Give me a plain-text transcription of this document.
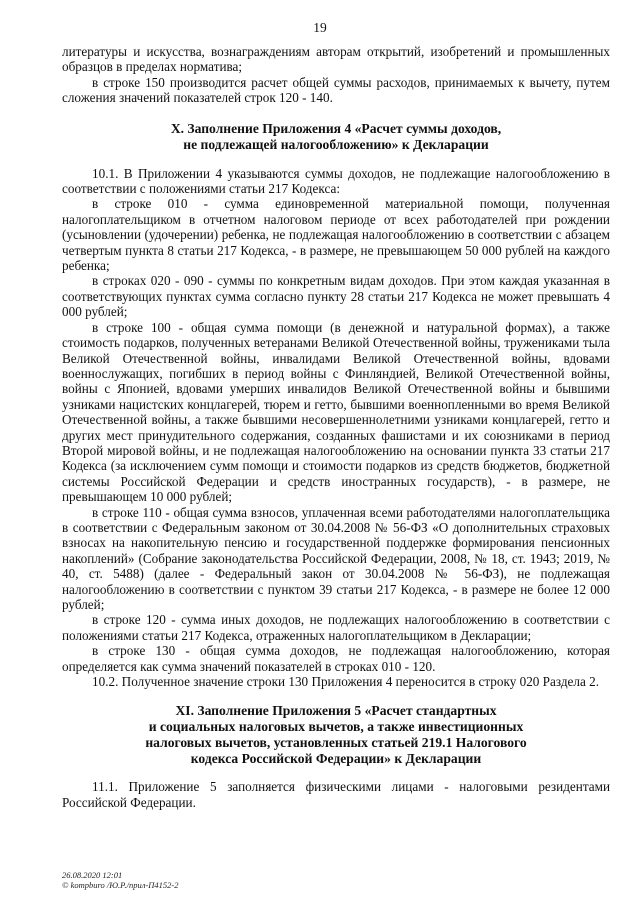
19

литературы и искусства, вознаграждениям авторам открытий, изобретений и промышленных образцов в пределах норматива;

в строке 150 производится расчет общей суммы расходов, принимаемых к вычету, путем сложения значений показателей строк 120 - 140.

X. Заполнение Приложения 4 «Расчет суммы доходов,
не подлежащей налогообложению» к Декларации

10.1. В Приложении 4 указываются суммы доходов, не подлежащие налогообложению в соответствии с положениями статьи 217 Кодекса:

в строке 010 - сумма единовременной материальной помощи, полученная налогоплательщиком в отчетном налоговом периоде от всех работодателей при рождении (усыновлении (удочерении) ребенка, не подлежащая налогообложению в соответствии с абзацем четвертым пункта 8 статьи 217 Кодекса, - в размере, не превышающем 50 000 рублей на каждого ребенка;

в строках 020 - 090 - суммы по конкретным видам доходов. При этом каждая указанная в соответствующих пунктах сумма согласно пункту 28 статьи 217 Кодекса не может превышать 4 000 рублей;

в строке 100 - общая сумма помощи (в денежной и натуральной формах), а также стоимость подарков, полученных ветеранами Великой Отечественной войны, тружениками тыла Великой Отечественной войны, инвалидами Великой Отечественной войны, вдовами военнослужащих, погибших в период войны с Финляндией, Великой Отечественной войны, войны с Японией, вдовами умерших инвалидов Великой Отечественной войны и бывшими узниками нацистских концлагерей, тюрем и гетто, бывшими военнопленными во время Великой Отечественной войны, а также бывшими несовершеннолетними узниками концлагерей, гетто и других мест принудительного содержания, созданных фашистами и их союзниками в период Второй мировой войны, и не подлежащая налогообложению на основании пункта 33 статьи 217 Кодекса (за исключением сумм помощи и стоимости подарков из средств бюджетов, бюджетной системы Российской Федерации и средств иностранных государств), - в размере, не превышающем 10 000 рублей;

в строке 110 - общая сумма взносов, уплаченная всеми работодателями налогоплательщика в соответствии с Федеральным законом от 30.04.2008 № 56-ФЗ «О дополнительных страховых взносах на накопительную пенсию и государственной поддержке формирования пенсионных накоплений» (Собрание законодательства Российской Федерации, 2008, № 18, ст. 1943; 2019, № 40, ст. 5488) (далее - Федеральный закон от 30.04.2008 № 56-ФЗ), не подлежащая налогообложению в соответствии с пунктом 39 статьи 217 Кодекса, - в размере не более 12 000 рублей;

в строке 120 - сумма иных доходов, не подлежащих налогообложению в соответствии с положениями статьи 217 Кодекса, отраженных налогоплательщиком в Декларации;

в строке 130 - общая сумма доходов, не подлежащая налогообложению, которая определяется как сумма значений показателей в строках 010 - 120.

10.2. Полученное значение строки 130 Приложения 4 переносится в строку 020 Раздела 2.

XI. Заполнение Приложения 5 «Расчет стандартных
и социальных налоговых вычетов, а также инвестиционных
налоговых вычетов, установленных статьей 219.1 Налогового
кодекса Российской Федерации» к Декларации

11.1. Приложение 5 заполняется физическими лицами - налоговыми резидентами Российской Федерации.

26.08.2020 12:01
© kompburo /Ю.Р./прил-П4152-2
